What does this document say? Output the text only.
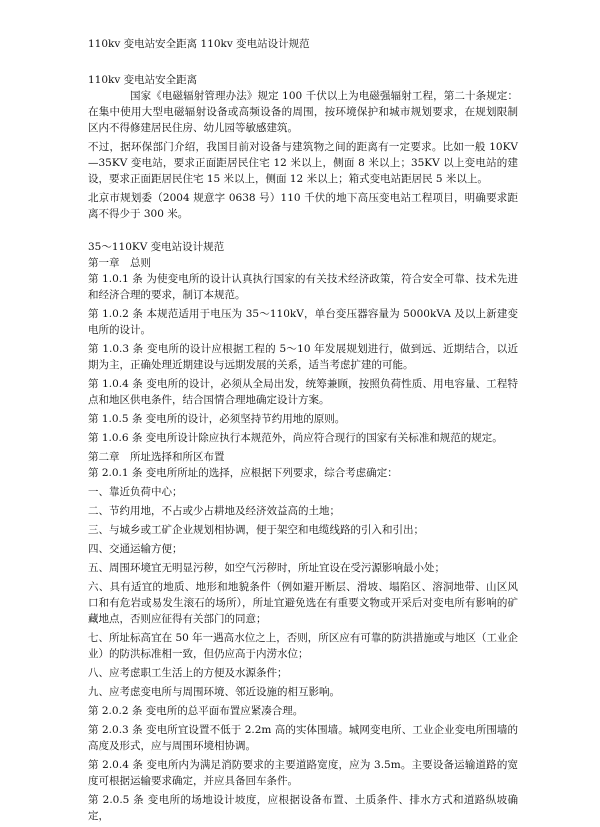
110kv 变电站安全距离 110kv 变电站设计规范
110kv 变电站安全距离

国家《电磁辐射管理办法》规定 100 千伏以上为电磁强辐射工程，第二十条规定：在集中使用大型电磁辐射设备或高频设备的周围，按环境保护和城市规划要求，在规划限制区内不得修建居民住房、幼儿园等敏感建筑。

不过，据环保部门介绍，我国目前对设备与建筑物之间的距离有一定要求。比如一般 10KV—35KV 变电站，要求正面距居民住宅 12 米以上，侧面 8 米以上；35KV 以上变电站的建设，要求正面距居民住宅 15 米以上，侧面 12 米以上；箱式变电站距居民 5 米以上。

北京市规划委（2004 规意字 0638 号）110 千伏的地下高压变电站工程项目，明确要求距离不得少于 300 米。

35～110KV 变电站设计规范
第一章　总则

第 1.0.1 条 为使变电所的设计认真执行国家的有关技术经济政策，符合安全可靠、技术先进和经济合理的要求，制订本规范。

第 1.0.2 条 本规范适用于电压为 35～110kV，单台变压器容量为 5000kVA 及以上新建变电所的设计。

第 1.0.3 条 变电所的设计应根据工程的 5～10 年发展规划进行，做到远、近期结合，以近期为主，正确处理近期建设与远期发展的关系，适当考虑扩建的可能。

第 1.0.4 条 变电所的设计，必须从全局出发，统筹兼顾，按照负荷性质、用电容量、工程特点和地区供电条件，结合国情合理地确定设计方案。

第 1.0.5 条 变电所的设计，必须坚持节约用地的原则。

第 1.0.6 条 变电所设计除应执行本规范外，尚应符合现行的国家有关标准和规范的规定。

第二章　所址选择和所区布置

第 2.0.1 条 变电所所址的选择，应根据下列要求，综合考虑确定：

一、靠近负荷中心；

二、节约用地，不占或少占耕地及经济效益高的土地；

三、与城乡或工矿企业规划相协调，便于架空和电缆线路的引入和引出；

四、交通运输方便；

五、周围环境宜无明显污秽，如空气污秽时，所址宜设在受污源影响最小处；

六、具有适宜的地质、地形和地貌条件（例如避开断层、滑坡、塌陷区、溶洞地带、山区风口和有危岩或易发生滚石的场所），所址宜避免选在有重要文物或开采后对变电所有影响的矿藏地点，否则应征得有关部门的同意；

七、所址标高宜在 50 年一遇高水位之上，否则，所区应有可靠的防洪措施或与地区（工业企业）的防洪标准相一致，但仍应高于内涝水位；

八、应考虑职工生活上的方便及水源条件；

九、应考虑变电所与周围环境、邻近设施的相互影响。

第 2.0.2 条 变电所的总平面布置应紧凑合理。

第 2.0.3 条 变电所宜设置不低于 2.2m 高的实体围墙。城网变电所、工业企业变电所围墙的高度及形式，应与周围环境相协调。

第 2.0.4 条 变电所内为满足消防要求的主要道路宽度，应为 3.5m。主要设备运输道路的宽度可根据运输要求确定，并应具备回车条件。

第 2.0.5 条 变电所的场地设计坡度，应根据设备布置、土质条件、排水方式和道路纵坡确定，
